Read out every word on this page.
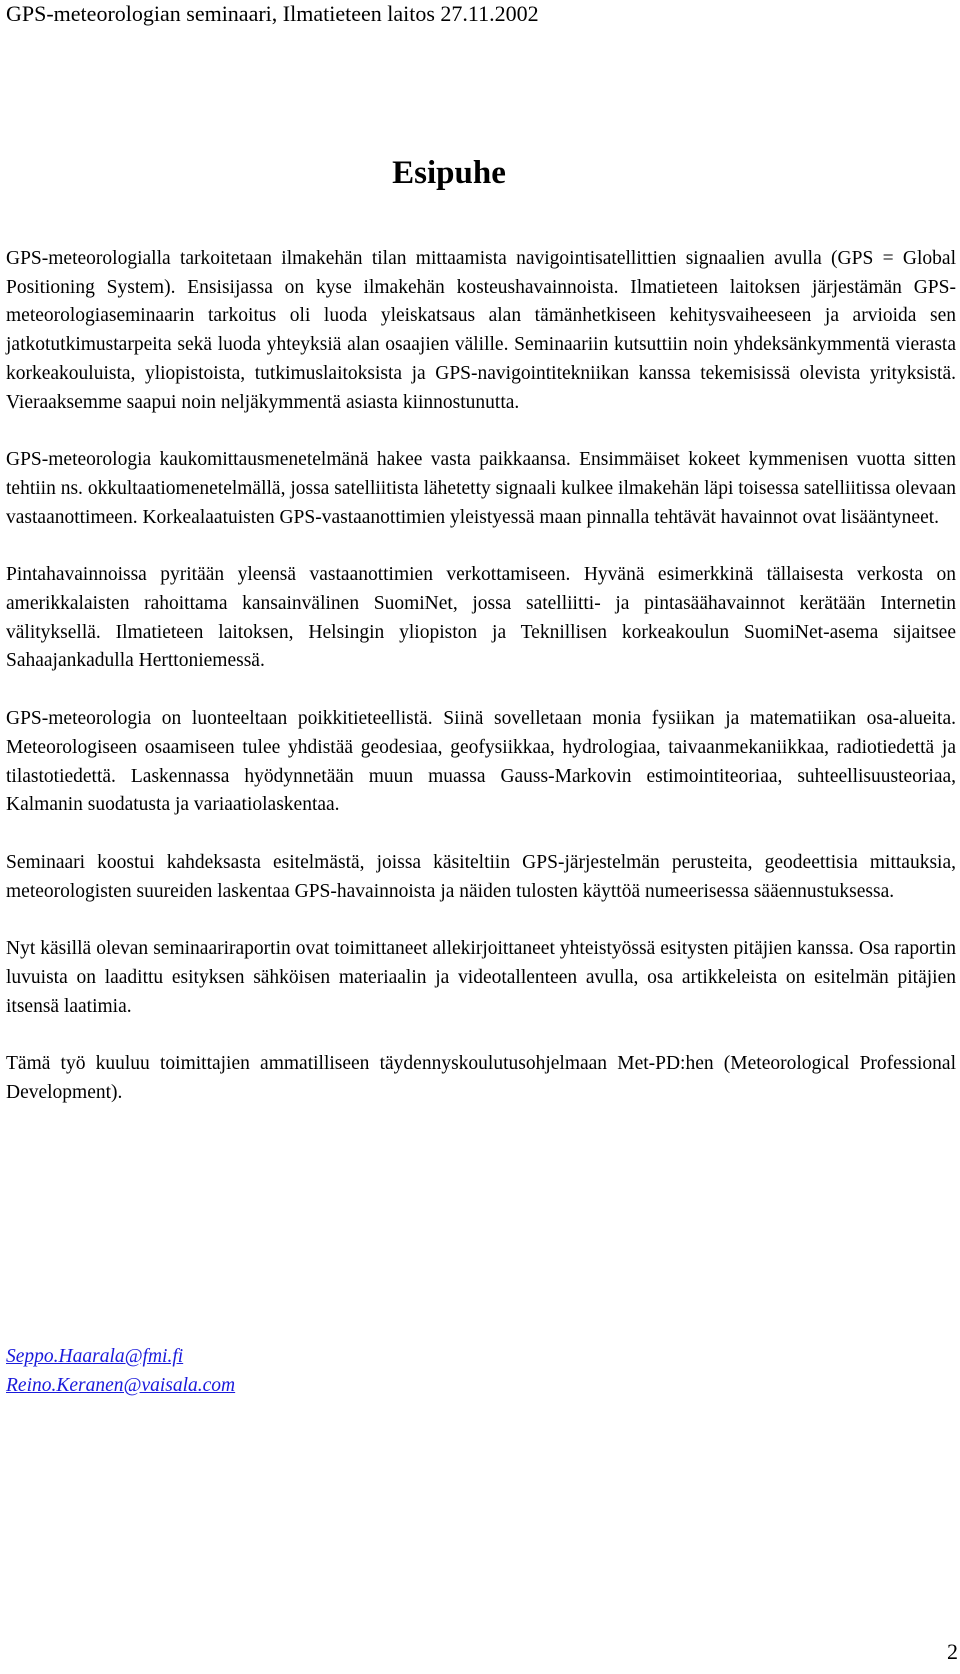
GPS-meteorologian seminaari, Ilmatieteen laitos 27.11.2002
Esipuhe

GPS-meteorologialla tarkoitetaan ilmakehän tilan mittaamista navigointisatellittien signaalien avulla (GPS = Global Positioning System). Ensisijassa on kyse ilmakehän kosteushavainnoista. Ilmatieteen laitoksen järjestämän GPS-meteorologiaseminaarin tarkoitus oli luoda yleiskatsaus alan tämänhetkiseen kehitysvaiheeseen ja arvioida sen jatkotutkimustarpeita sekä luoda yhteyksiä alan osaajien välille. Seminaariin kutsuttiin noin yhdeksänkymmentä vierasta korkeakouluista, yliopistoista, tutkimuslaitoksista ja GPS-navigointitekniikan kanssa tekemisissä olevista yrityksistä. Vieraaksemme saapui noin neljäkymmentä asiasta kiinnostunutta.

GPS-meteorologia kaukomittausmenetelmänä hakee vasta paikkaansa. Ensimmäiset kokeet kymmenisen vuotta sitten tehtiin ns. okkultaatiomenetelmällä, jossa satelliitista lähetetty signaali kulkee ilmakehän läpi toisessa satelliitissa olevaan vastaanottimeen. Korkealaatuisten GPS-vastaanottimien yleistyessä maan pinnalla tehtävät havainnot ovat lisääntyneet.

Pintahavainnoissa pyritään yleensä vastaanottimien verkottamiseen. Hyvänä esimerkkinä tällaisesta verkosta on amerikkalaisten rahoittama kansainvälinen SuomiNet, jossa satelliitti- ja pintasäähavainnot kerätään Internetin välityksellä. Ilmatieteen laitoksen, Helsingin yliopiston ja Teknillisen korkeakoulun SuomiNet-asema sijaitsee Sahaajankadulla Herttoniemessä.

GPS-meteorologia on luonteeltaan poikkitieteellistä. Siinä sovelletaan monia fysiikan ja matematiikan osa-alueita. Meteorologiseen osaamiseen tulee yhdistää geodesiaa, geofysiikkaa, hydrologiaa, taivaanmekaniikkaa, radiotiedettä ja tilastotiedettä. Laskennassa hyödynnetään muun muassa Gauss-Markovin estimointiteoriaa, suhteellisuusteoriaa, Kalmanin suodatusta ja variaatiolaskentaa.

Seminaari koostui kahdeksasta esitelmästä, joissa käsiteltiin GPS-järjestelmän perusteita, geodeettisia mittauksia, meteorologisten suureiden laskentaa GPS-havainnoista ja näiden tulosten käyttöä numeerisessa sääennustuksessa.

Nyt käsillä olevan seminaariraportin ovat toimittaneet allekirjoittaneet yhteistyössä esitysten pitäjien kanssa. Osa raportin luvuista on laadittu esityksen sähköisen materiaalin ja videotallenteen avulla, osa artikkeleista on esitelmän pitäjien itsensä laatimia.

Tämä työ kuuluu toimittajien ammatilliseen täydennyskoulutusohjelmaan Met-PD:hen (Meteorological Professional Development).

Seppo.Haarala@fmi.fi
Reino.Keranen@vaisala.com
2
